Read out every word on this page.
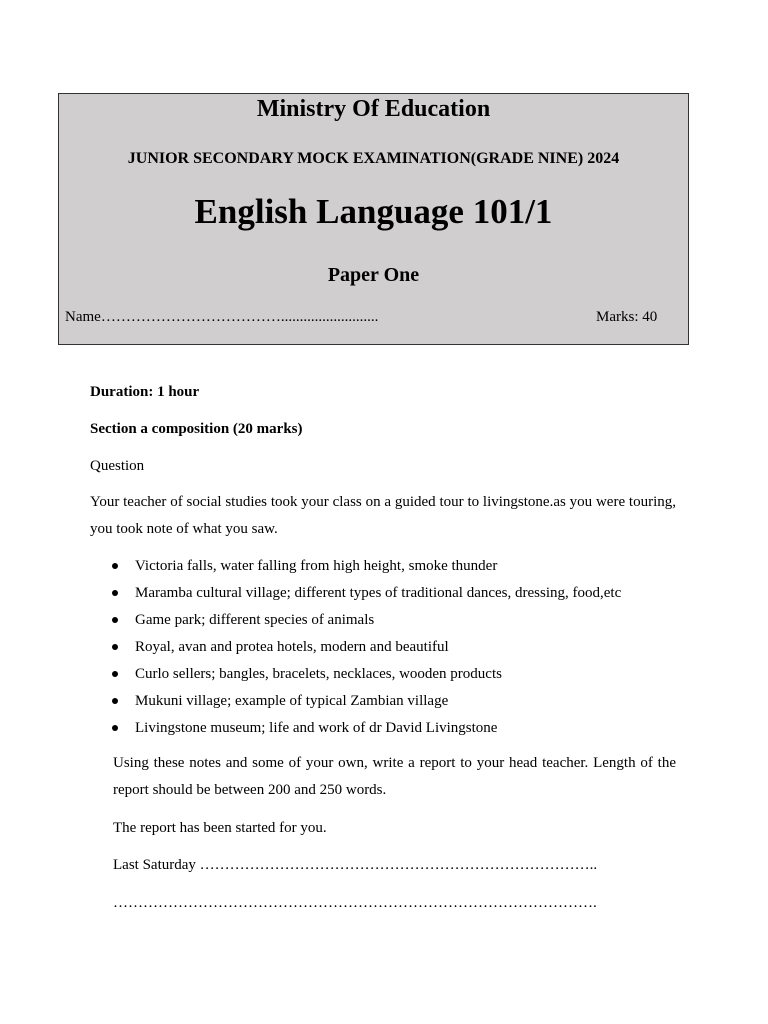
Ministry Of Education
JUNIOR SECONDARY MOCK EXAMINATION(GRADE NINE) 2024
English Language 101/1
Paper One
Name………………………………..........................	Marks: 40
Duration: 1 hour
Section a composition (20 marks)
Question
Your teacher of social studies took your class on a guided tour to livingstone.as you were touring, you took note of what you saw.
Victoria falls, water falling from high height, smoke thunder
Maramba cultural village; different types of traditional dances, dressing, food,etc
Game park; different species of animals
Royal, avan and protea hotels, modern and beautiful
Curlo sellers; bangles, bracelets, necklaces, wooden products
Mukuni village; example of typical Zambian village
Livingstone museum; life and work of dr David Livingstone
Using these notes and some of your own, write a report to your head teacher. Length of the report should be between 200 and 250 words.
The report has been started for you.
Last Saturday ……………………………………………………………………..
…………………………………………………………………………………….
